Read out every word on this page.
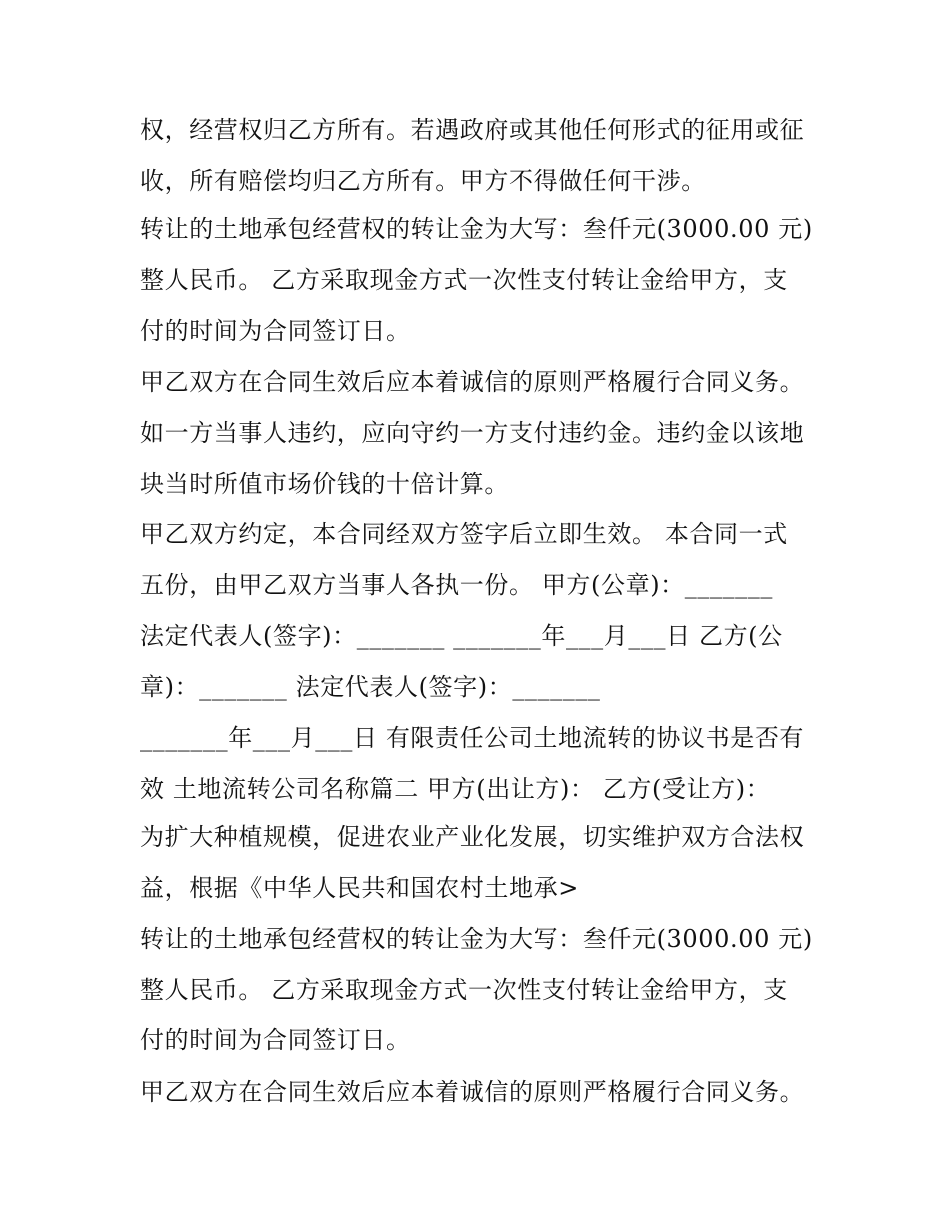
权，经营权归乙方所有。若遇政府或其他任何形式的征用或征

收，所有赔偿均归乙方所有。甲方不得做任何干涉。

转让的土地承包经营权的转让金为大写：叁仟元(3000.00 元)

整人民币。 乙方采取现金方式一次性支付转让金给甲方，支

付的时间为合同签订日。

甲乙双方在合同生效后应本着诚信的原则严格履行合同义务。

如一方当事人违约，应向守约一方支付违约金。违约金以该地

块当时所值市场价钱的十倍计算。

甲乙双方约定，本合同经双方签字后立即生效。 本合同一式

五份，由甲乙双方当事人各执一份。 甲方(公章)：_______

法定代表人(签字)：_______ _______年___月___日 乙方(公

章)：_______ 法定代表人(签字)：_______

_______年___月___日 有限责任公司土地流转的协议书是否有

效 土地流转公司名称篇二 甲方(出让方)： 乙方(受让方)：

为扩大种植规模，促进农业产业化发展，切实维护双方合法权

益，根据《中华人民共和国农村土地承>

转让的土地承包经营权的转让金为大写：叁仟元(3000.00 元)

整人民币。 乙方采取现金方式一次性支付转让金给甲方，支

付的时间为合同签订日。

甲乙双方在合同生效后应本着诚信的原则严格履行合同义务。
